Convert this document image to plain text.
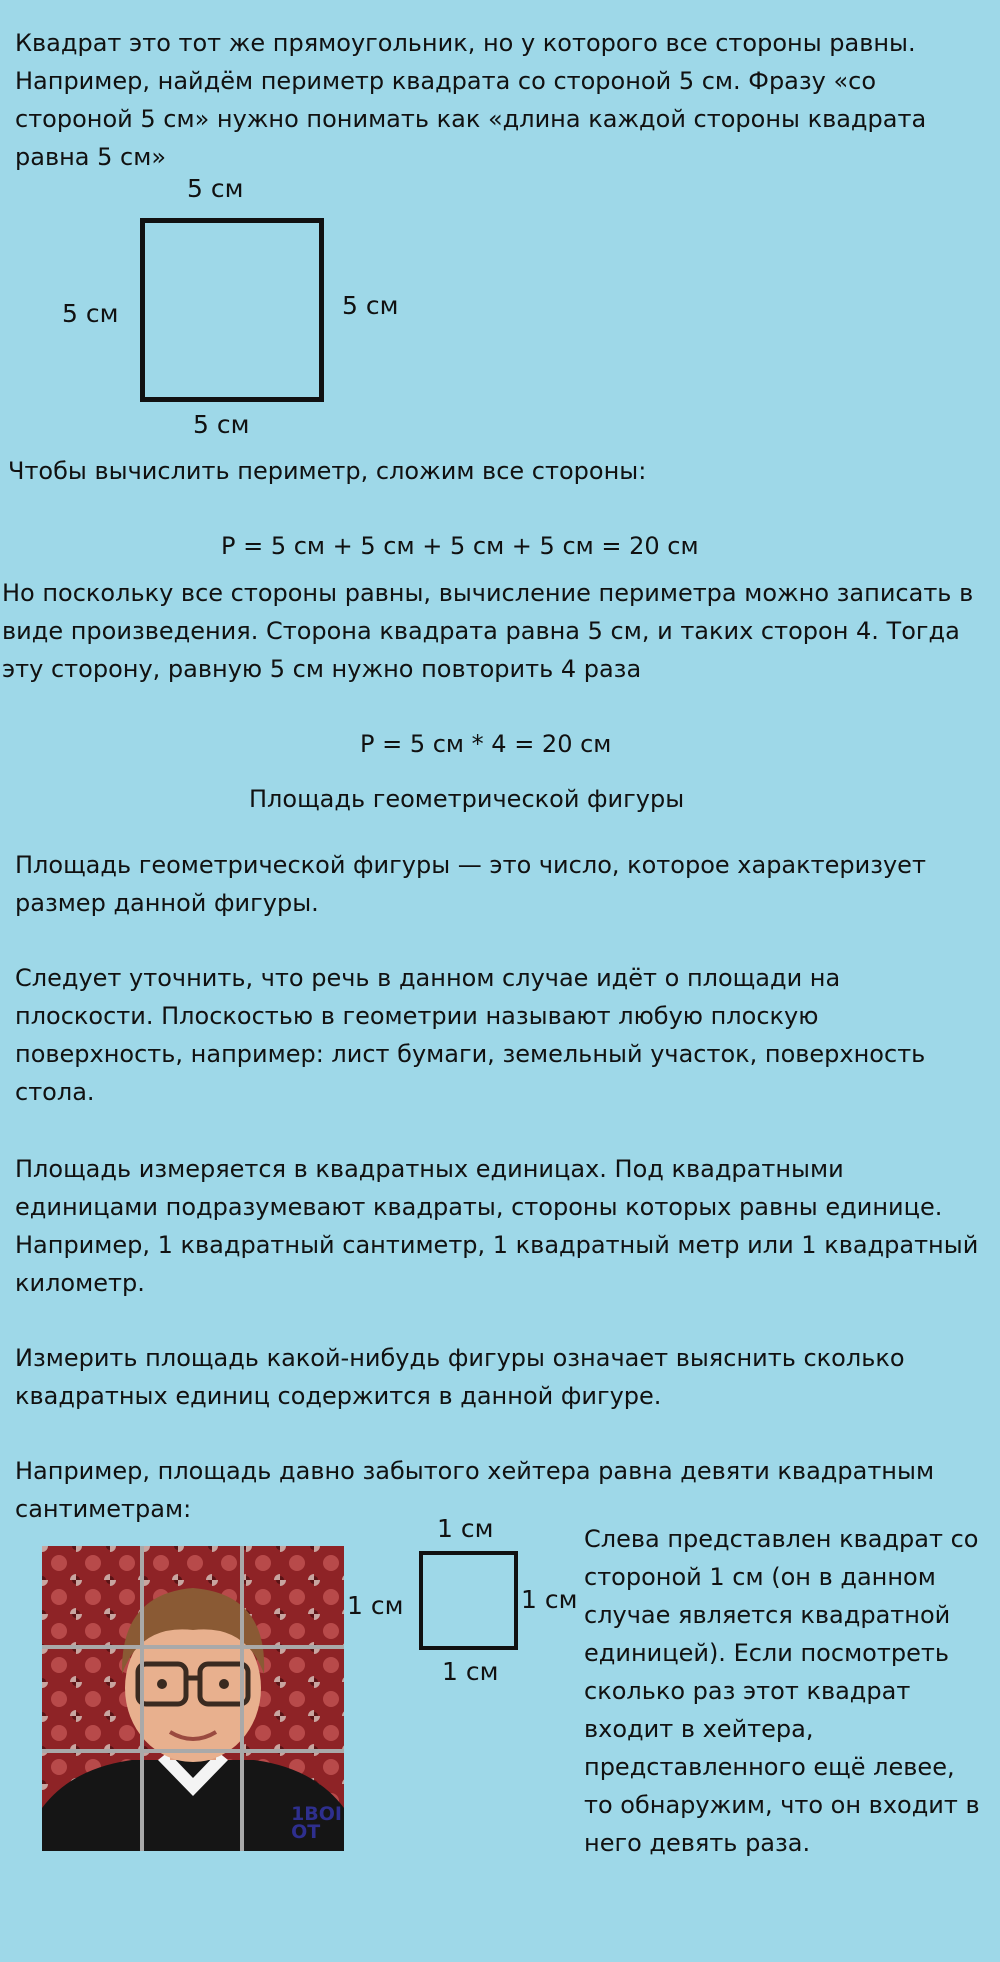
Квадрат это тот же прямоугольник, но у которого все стороны равны.

Например, найдём периметр квадрата со стороной 5 см. Фразу «со

стороной 5 см» нужно понимать как «длина каждой стороны квадрата

равна 5 см»

5 см
5 см	5 см
5 см

Чтобы вычислить периметр, сложим все стороны:

P = 5 см + 5 см + 5 см + 5 см = 20 см

Но поскольку все стороны равны, вычисление периметра можно записать в

виде произведения. Сторона квадрата равна 5 см, и таких сторон 4. Тогда

эту сторону, равную 5 см нужно повторить 4 раза

P = 5 см * 4 = 20 см

Площадь геометрической фигуры

Площадь геометрической фигуры — это число, которое характеризует

размер данной фигуры.

Следует уточнить, что речь в данном случае идёт о площади на

плоскости. Плоскостью в геометрии называют любую плоскую

поверхность, например: лист бумаги, земельный участок, поверхность

стола.

Площадь измеряется в квадратных единицах. Под квадратными

единицами подразумевают квадраты, стороны которых равны единице.

Например, 1 квадратный сантиметр, 1 квадратный метр или 1 квадратный

километр.

Измерить площадь какой-нибудь фигуры означает выяснить сколько

квадратных единиц содержится в данной фигуре.

Например, площадь давно забытого хейтера равна девяти квадратным

сантиметрам:

1BOI
OT
1 см
1 см	1 см
1 см

Слева представлен квадрат со

стороной 1 см (он в данном

случае является квадратной

единицей). Если посмотреть

сколько раз этот квадрат

входит в хейтера,

представленного ещё левее,

то обнаружим, что он входит в

него девять раза.
